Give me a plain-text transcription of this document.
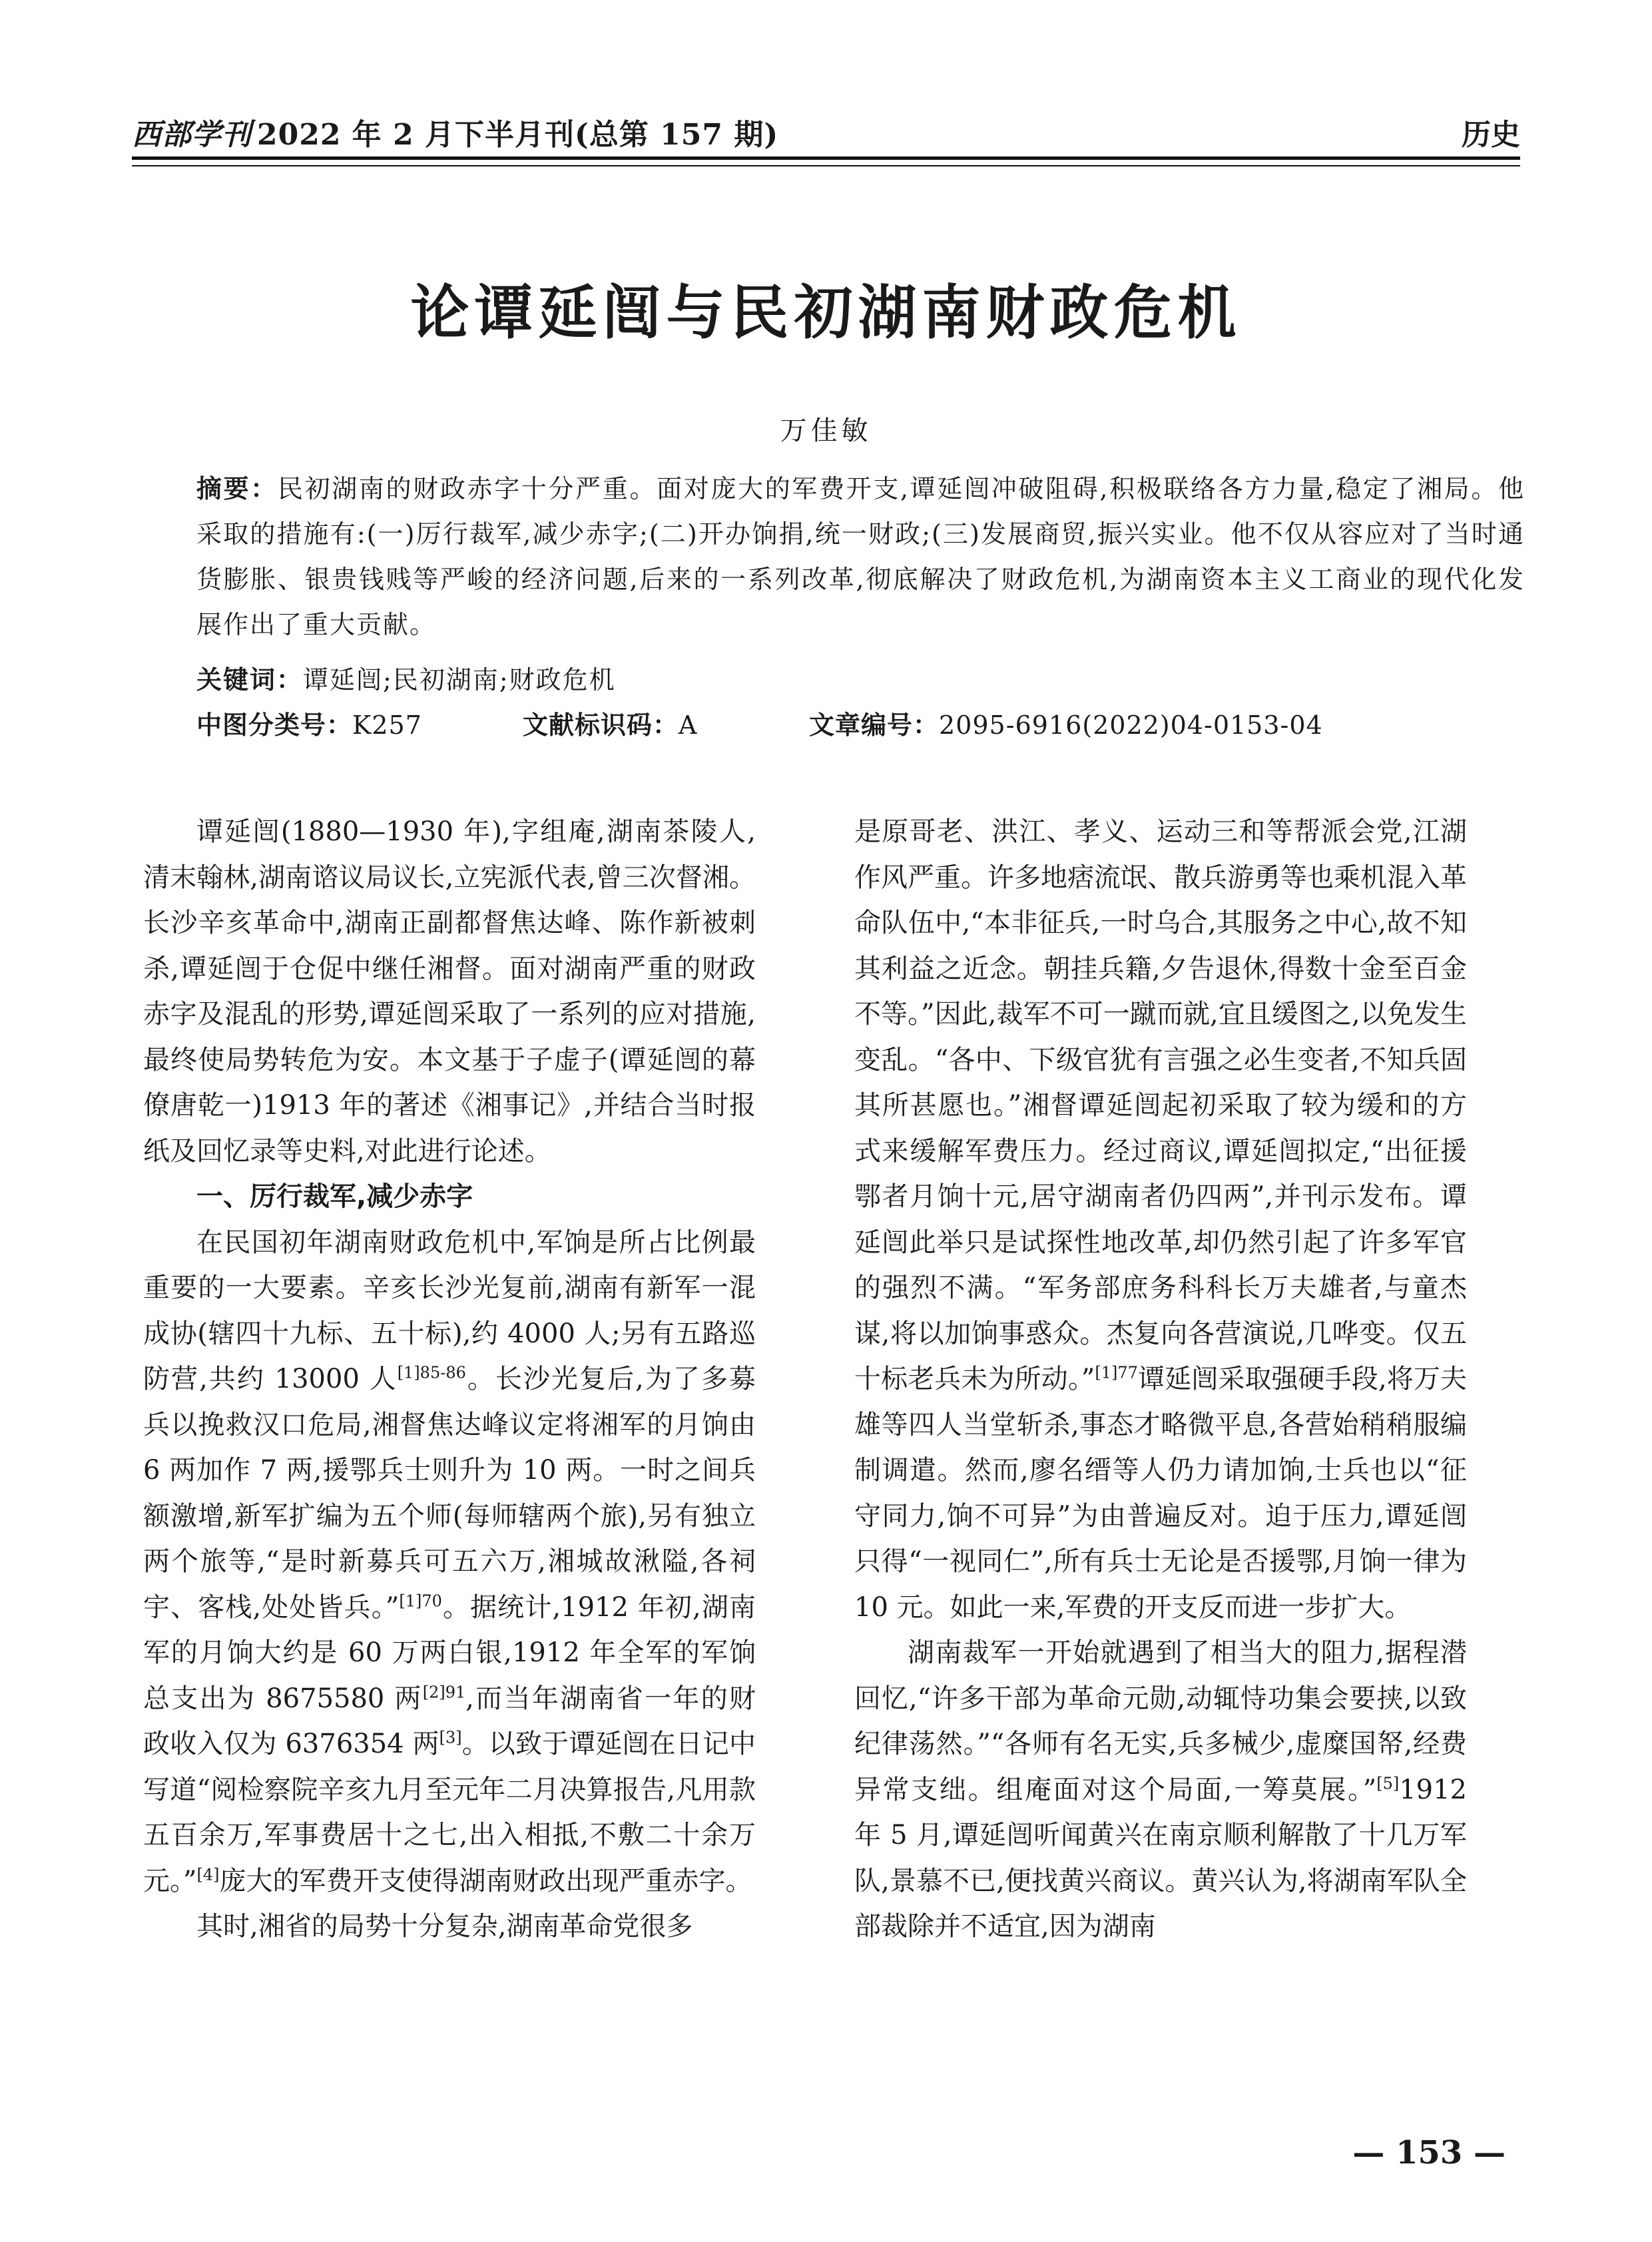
西部学刊 2022 年 2 月下半月刊(总第 157 期)	历史
论谭延闿与民初湖南财政危机
万佳敏
摘要：民初湖南的财政赤字十分严重。面对庞大的军费开支,谭延闿冲破阻碍,积极联络各方力量,稳定了湘局。他采取的措施有:(一)厉行裁军,减少赤字;(二)开办饷捐,统一财政;(三)发展商贸,振兴实业。他不仅从容应对了当时通货膨胀、银贵钱贱等严峻的经济问题,后来的一系列改革,彻底解决了财政危机,为湖南资本主义工商业的现代化发展作出了重大贡献。
关键词：谭延闿;民初湖南;财政危机
中图分类号：K257	文献标识码：A	文章编号：2095-6916(2022)04-0153-04

谭延闿(1880—1930 年),字组庵,湖南茶陵人,清末翰林,湖南谘议局议长,立宪派代表,曾三次督湘。长沙辛亥革命中,湖南正副都督焦达峰、陈作新被刺杀,谭延闿于仓促中继任湘督。面对湖南严重的财政赤字及混乱的形势,谭延闿采取了一系列的应对措施,最终使局势转危为安。本文基于子虚子(谭延闿的幕僚唐乾一)1913 年的著述《湘事记》,并结合当时报纸及回忆录等史料,对此进行论述。

一、厉行裁军,减少赤字

在民国初年湖南财政危机中,军饷是所占比例最重要的一大要素。辛亥长沙光复前,湖南有新军一混成协(辖四十九标、五十标),约 4000 人;另有五路巡防营,共约 13000 人$^{[1]85-86}$。长沙光复后,为了多募兵以挽救汉口危局,湘督焦达峰议定将湘军的月饷由 6 两加作 7 两,援鄂兵士则升为 10 两。一时之间兵额激增,新军扩编为五个师(每师辖两个旅),另有独立两个旅等,“是时新募兵可五六万,湘城故湫隘,各祠宇、客栈,处处皆兵。”$^{[1]70}$。据统计,1912 年初,湖南军的月饷大约是 60 万两白银,1912 年全军的军饷总支出为 8675580 两$^{[2]91}$,而当年湖南省一年的财政收入仅为 6376354 两[3]。以致于谭延闿在日记中写道“阅检察院辛亥九月至元年二月决算报告,凡用款五百余万,军事费居十之七,出入相抵,不敷二十余万元。”[4]庞大的军费开支使得湖南财政出现严重赤字。

其时,湘省的局势十分复杂,湖南革命党很多

是原哥老、洪江、孝义、运动三和等帮派会党,江湖作风严重。许多地痞流氓、散兵游勇等也乘机混入革命队伍中,“本非征兵,一时乌合,其服务之中心,故不知其利益之近念。朝挂兵籍,夕告退休,得数十金至百金不等。”因此,裁军不可一蹴而就,宜且缓图之,以免发生变乱。“各中、下级官犹有言强之必生变者,不知兵固其所甚愿也。”湘督谭延闿起初采取了较为缓和的方式来缓解军费压力。经过商议,谭延闿拟定,“出征援鄂者月饷十元,居守湖南者仍四两”,并刊示发布。谭延闿此举只是试探性地改革,却仍然引起了许多军官的强烈不满。“军务部庶务科科长万夫雄者,与童杰谋,将以加饷事惑众。杰复向各营演说,几哗变。仅五十标老兵未为所动。”$^{[1]77}$谭延闿采取强硬手段,将万夫雄等四人当堂斩杀,事态才略微平息,各营始稍稍服编制调遣。然而,廖名缙等人仍力请加饷,士兵也以“征守同力,饷不可异”为由普遍反对。迫于压力,谭延闿只得“一视同仁”,所有兵士无论是否援鄂,月饷一律为 10 元。如此一来,军费的开支反而进一步扩大。

湖南裁军一开始就遇到了相当大的阻力,据程潜回忆,“许多干部为革命元勋,动辄恃功集会要挟,以致纪律荡然。”“各师有名无实,兵多械少,虚糜国帑,经费异常支绌。组庵面对这个局面,一筹莫展。”[5]1912 年 5 月,谭延闿听闻黄兴在南京顺利解散了十几万军队,景慕不已,便找黄兴商议。黄兴认为,将湖南军队全部裁除并不适宜,因为湖南

— 153 —
